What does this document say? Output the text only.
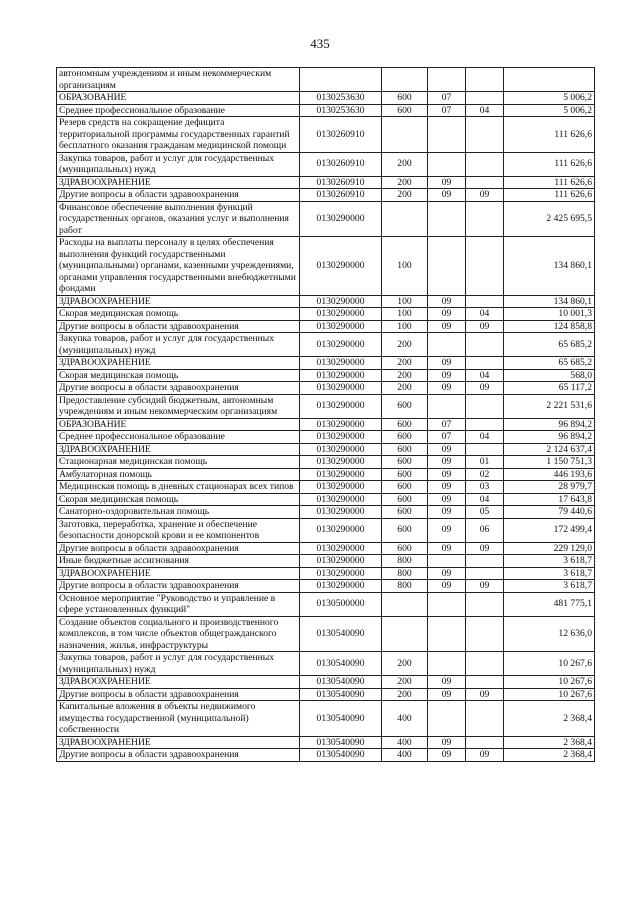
435
автономным учреждениям и иным некоммерческим организациям					
ОБРАЗОВАНИЕ	0130253630	600	07		5 006,2
Среднее профессиональное образование	0130253630	600	07	04	5 006,2
Резерв средств на сокращение дефицита территориальной программы государственных гарантий бесплатного оказания гражданам медицинской помощи	0130260910				111 626,6
Закупка товаров, работ и услуг для государственных (муниципальных) нужд	0130260910	200			111 626,6
ЗДРАВООХРАНЕНИЕ	0130260910	200	09		111 626,6
Другие вопросы в области здравоохранения	0130260910	200	09	09	111 626,6
Финансовое обеспечение выполнения функций государственных органов, оказания услуг и выполнения работ	0130290000				2 425 695,5
Расходы на выплаты персоналу в целях обеспечения выполнения функций государственными (муниципальными) органами, казенными учреждениями, органами управления государственными внебюджетными фондами	0130290000	100			134 860,1
ЗДРАВООХРАНЕНИЕ	0130290000	100	09		134 860,1
Скорая медицинская помощь	0130290000	100	09	04	10 001,3
Другие вопросы в области здравоохранения	0130290000	100	09	09	124 858,8
Закупка товаров, работ и услуг для государственных (муниципальных) нужд	0130290000	200			65 685,2
ЗДРАВООХРАНЕНИЕ	0130290000	200	09		65 685,2
Скорая медицинская помощь	0130290000	200	09	04	568,0
Другие вопросы в области здравоохранения	0130290000	200	09	09	65 117,2
Предоставление субсидий бюджетным, автономным учреждениям и иным некоммерческим организациям	0130290000	600			2 221 531,6
ОБРАЗОВАНИЕ	0130290000	600	07		96 894,2
Среднее профессиональное образование	0130290000	600	07	04	96 894,2
ЗДРАВООХРАНЕНИЕ	0130290000	600	09		2 124 637,4
Стационарная медицинская помощь	0130290000	600	09	01	1 150 751,3
Амбулаторная помощь	0130290000	600	09	02	446 193,6
Медицинская помощь в дневных стационарах всех типов	0130290000	600	09	03	28 979,7
Скорая медицинская помощь	0130290000	600	09	04	17 643,8
Санаторно-оздоровительная помощь	0130290000	600	09	05	79 440,6
Заготовка, переработка, хранение и обеспечение безопасности донорской крови и ее компонентов	0130290000	600	09	06	172 499,4
Другие вопросы в области здравоохранения	0130290000	600	09	09	229 129,0
Иные бюджетные ассигнования	0130290000	800			3 618,7
ЗДРАВООХРАНЕНИЕ	0130290000	800	09		3 618,7
Другие вопросы в области здравоохранения	0130290000	800	09	09	3 618,7
Основное мероприятие "Руководство и управление в сфере установленных функций"	0130500000				481 775,1
Создание объектов социального и производственного комплексов, в том числе объектов общегражданского назначения, жилья, инфраструктуры	0130540090				12 636,0
Закупка товаров, работ и услуг для государственных (муниципальных) нужд	0130540090	200			10 267,6
ЗДРАВООХРАНЕНИЕ	0130540090	200	09		10 267,6
Другие вопросы в области здравоохранения	0130540090	200	09	09	10 267,6
Капитальные вложения в объекты недвижимого имущества государственной (муниципальной) собственности	0130540090	400			2 368,4
ЗДРАВООХРАНЕНИЕ	0130540090	400	09		2 368,4
Другие вопросы в области здравоохранения	0130540090	400	09	09	2 368,4
